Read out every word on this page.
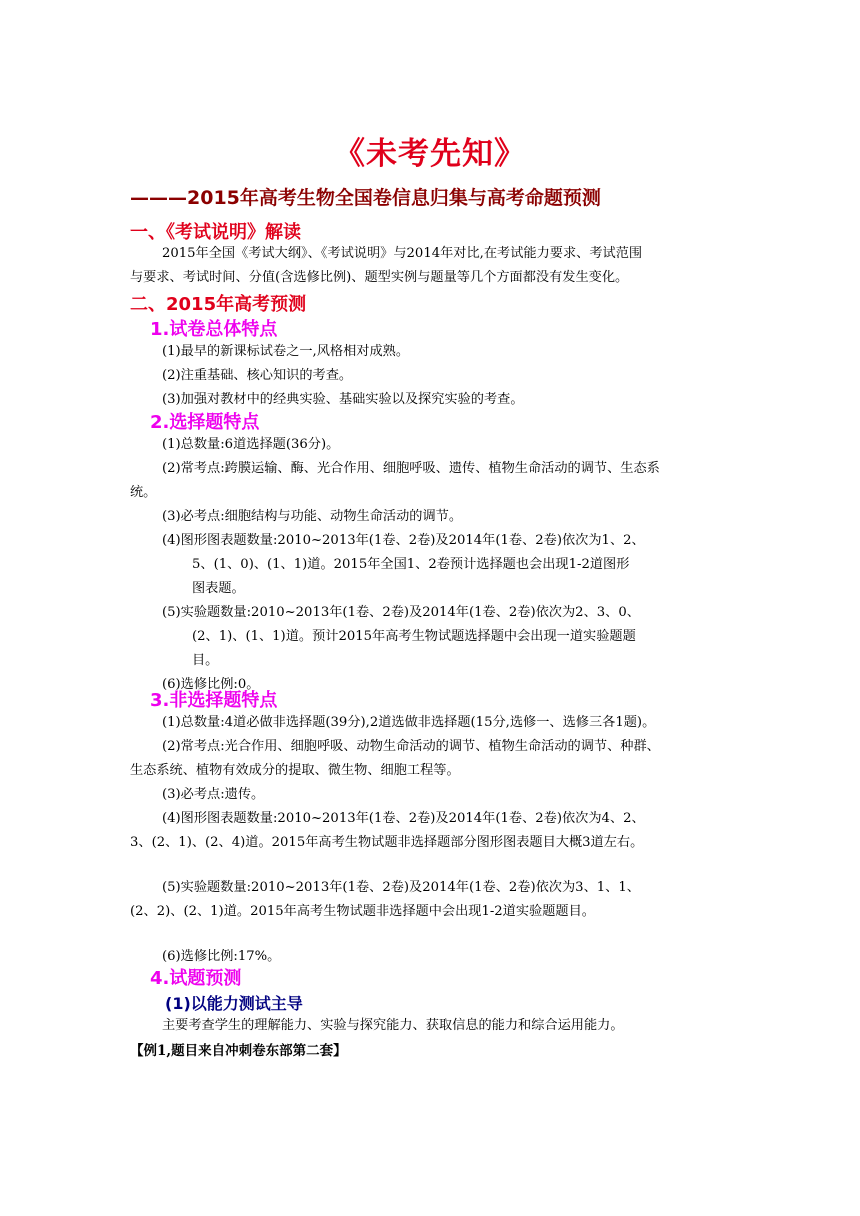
《未考先知》
———2015年高考生物全国卷信息归集与高考命题预测
一、《考试说明》解读
2015年全国《考试大纲》、《考试说明》与2014年对比,在考试能力要求、考试范围
与要求、考试时间、分值(含选修比例)、题型实例与题量等几个方面都没有发生变化。
二、2015年高考预测
1.试卷总体特点
(1)最早的新课标试卷之一,风格相对成熟。
(2)注重基础、核心知识的考查。
(3)加强对教材中的经典实验、基础实验以及探究实验的考查。
2.选择题特点
(1)总数量:6道选择题(36分)。
(2)常考点:跨膜运输、酶、光合作用、细胞呼吸、遗传、植物生命活动的调节、生态系
统。
(3)必考点:细胞结构与功能、动物生命活动的调节。
(4)图形图表题数量:2010~2013年(1卷、2卷)及2014年(1卷、2卷)依次为1、2、
5、(1、0)、(1、1)道。2015年全国1、2卷预计选择题也会出现1-2道图形
图表题。
(5)实验题数量:2010~2013年(1卷、2卷)及2014年(1卷、2卷)依次为2、3、0、
(2、1)、(1、1)道。预计2015年高考生物试题选择题中会出现一道实验题题
目。
(6)选修比例:0。
3.非选择题特点
(1)总数量:4道必做非选择题(39分),2道选做非选择题(15分,选修一、选修三各1题)。
(2)常考点:光合作用、细胞呼吸、动物生命活动的调节、植物生命活动的调节、种群、
生态系统、植物有效成分的提取、微生物、细胞工程等。
(3)必考点:遗传。
(4)图形图表题数量:2010~2013年(1卷、2卷)及2014年(1卷、2卷)依次为4、2、
3、(2、1)、(2、4)道。2015年高考生物试题非选择题部分图形图表题目大概3道左右。
(5)实验题数量:2010~2013年(1卷、2卷)及2014年(1卷、2卷)依次为3、1、1、
(2、2)、(2、1)道。2015年高考生物试题非选择题中会出现1-2道实验题题目。
(6)选修比例:17%。
4.试题预测
(1)以能力测试主导
主要考查学生的理解能力、实验与探究能力、获取信息的能力和综合运用能力。
【例1,题目来自冲刺卷东部第二套】
